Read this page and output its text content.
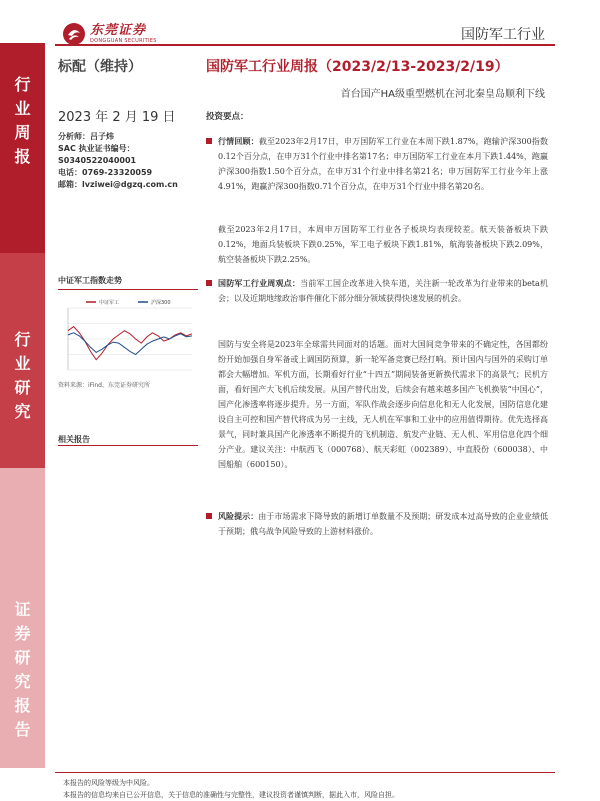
行业周报
行业研究
证券研究报告
东莞证券
DONGGUAN SECURITIES	国防军工行业
标配（维持）	国防军工行业周报（2023/2/13-2023/2/19）
首台国产HA级重型燃机在河北秦皇岛顺利下线
2023 年 2 月 19 日
分析师：吕子炜
SAC 执业证书编号：
S0340522040001
电话：0769-23320059
邮箱：lvziwei@dgzq.com.cn
中证军工指数走势
中证军工	沪深300
资料来源：iFind，东莞证券研究所
相关报告
投资要点：
行情回顾：截至2023年2月17日，申万国防军工行业在本周下跌1.87%，跑输沪深300指数0.12个百分点，在申万31个行业中排名第17名；申万国防军工行业在本月下跌1.44%，跑赢沪深300指数1.50个百分点，在申万31个行业中排名第21名；申万国防军工行业今年上涨4.91%，跑赢沪深300指数0.71个百分点，在申万31个行业中排名第20名。
截至2023年2月17日，本周申万国防军工行业各子板块均表现较差。航天装备板块下跌0.12%，地面兵装板块下跌0.25%，军工电子板块下跌1.81%，航海装备板块下跌2.09%，航空装备板块下跌2.25%。
国防军工行业周观点：当前军工国企改革进入快车道，关注新一轮改革为行业带来的beta机会；以及近期地缘政治事件催化下部分细分领域获得快速发展的机会。
国防与安全将是2023年全球需共同面对的话题。面对大国间竞争带来的不确定性，各国都纷纷开始加强自身军备或上调国防预算，新一轮军备竞赛已经打响。预计国内与国外的采购订单都会大幅增加。军机方面，长期看好行业“十四五”期间装备更新换代需求下的高景气；民机方面，看好国产大飞机后续发展。从国产替代出发，后续会有越来越多国产飞机换装“中国心”，国产化渗透率将逐步提升。另一方面，军队作战会逐步向信息化和无人化发展，国防信息化建设自主可控和国产替代将成为另一主线，无人机在军事和工业中的应用值得期待。优先选择高景气，同时兼具国产化渗透率不断提升的飞机制造、航发产业链、无人机、军用信息化四个细分产业。建议关注：中航西飞（000768）、航天彩虹（002389）、中直股份（600038）、中国船舶（600150）。
风险提示：由于市场需求下降导致的新增订单数量不及预期；研发成本过高导致的企业业绩低于预期；俄乌战争风险导致的上游材料涨价。
本报告的风险等级为中风险。
本报告的信息均来自已公开信息，关于信息的准确性与完整性，建议投资者谨慎判断，据此入市，风险自担。
